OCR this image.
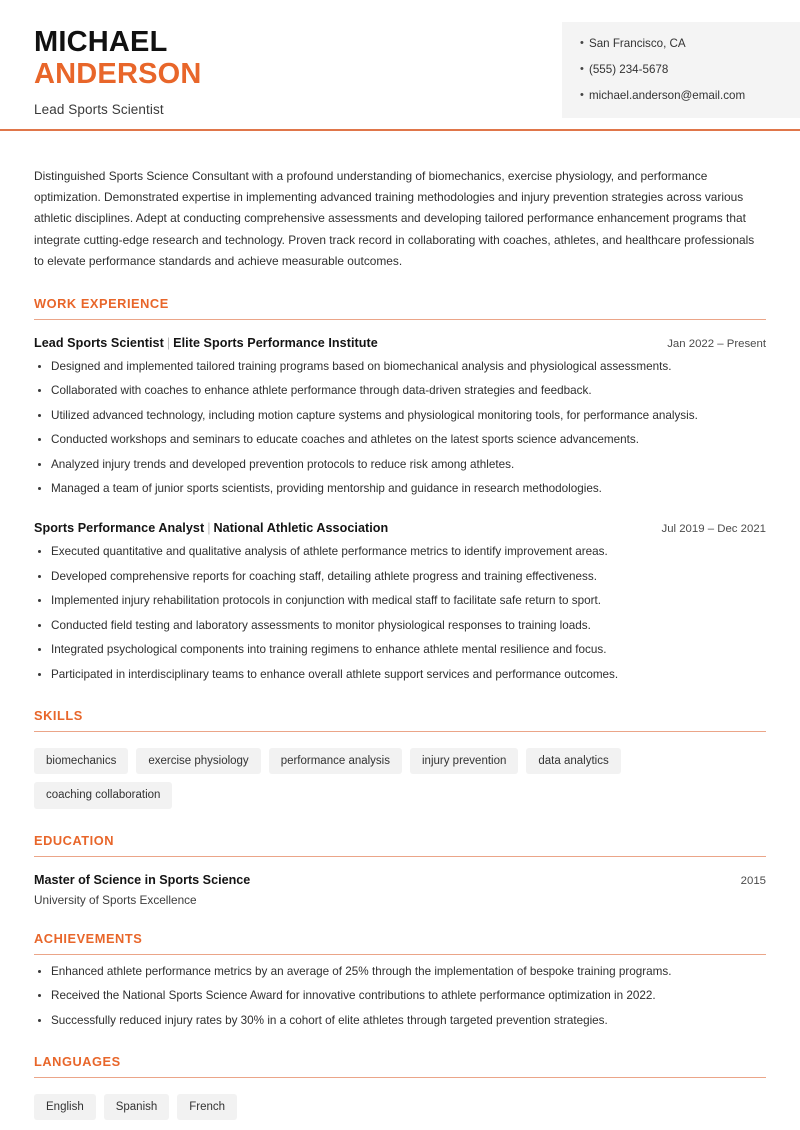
MICHAEL
ANDERSON
Lead Sports Scientist
• San Francisco, CA
• (555) 234-5678
• michael.anderson@email.com
Distinguished Sports Science Consultant with a profound understanding of biomechanics, exercise physiology, and performance optimization. Demonstrated expertise in implementing advanced training methodologies and injury prevention strategies across various athletic disciplines. Adept at conducting comprehensive assessments and developing tailored performance enhancement programs that integrate cutting-edge research and technology. Proven track record in collaborating with coaches, athletes, and healthcare professionals to elevate performance standards and achieve measurable outcomes.
WORK EXPERIENCE
Lead Sports Scientist | Elite Sports Performance Institute	Jan 2022 – Present
Designed and implemented tailored training programs based on biomechanical analysis and physiological assessments.
Collaborated with coaches to enhance athlete performance through data-driven strategies and feedback.
Utilized advanced technology, including motion capture systems and physiological monitoring tools, for performance analysis.
Conducted workshops and seminars to educate coaches and athletes on the latest sports science advancements.
Analyzed injury trends and developed prevention protocols to reduce risk among athletes.
Managed a team of junior sports scientists, providing mentorship and guidance in research methodologies.
Sports Performance Analyst | National Athletic Association	Jul 2019 – Dec 2021
Executed quantitative and qualitative analysis of athlete performance metrics to identify improvement areas.
Developed comprehensive reports for coaching staff, detailing athlete progress and training effectiveness.
Implemented injury rehabilitation protocols in conjunction with medical staff to facilitate safe return to sport.
Conducted field testing and laboratory assessments to monitor physiological responses to training loads.
Integrated psychological components into training regimens to enhance athlete mental resilience and focus.
Participated in interdisciplinary teams to enhance overall athlete support services and performance outcomes.
SKILLS
biomechanics	exercise physiology	performance analysis	injury prevention	data analytics
coaching collaboration
EDUCATION
Master of Science in Sports Science	2015
University of Sports Excellence
ACHIEVEMENTS
Enhanced athlete performance metrics by an average of 25% through the implementation of bespoke training programs.
Received the National Sports Science Award for innovative contributions to athlete performance optimization in 2022.
Successfully reduced injury rates by 30% in a cohort of elite athletes through targeted prevention strategies.
LANGUAGES
English	Spanish	French
